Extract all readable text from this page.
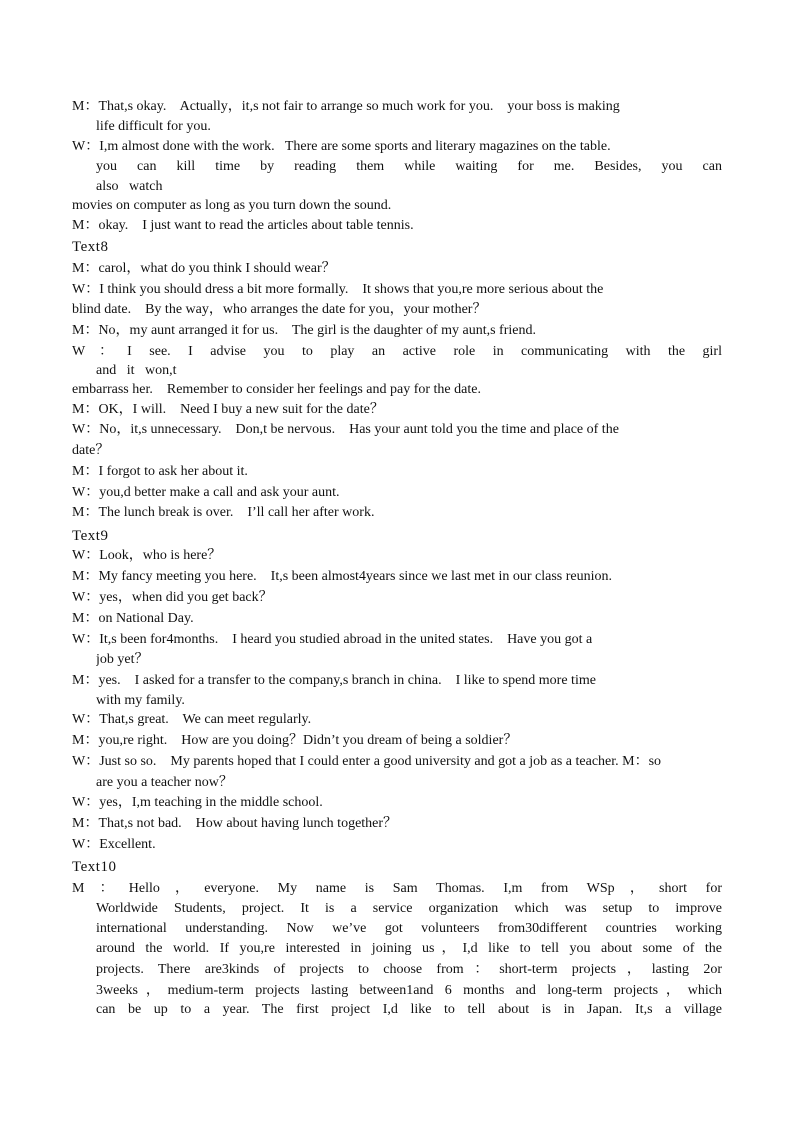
M：That,s okay.    Actually，it,s not fair to arrange so much work for you.    your boss is making
life difficult for you.
W：I,m almost done with the work.   There are some sports and literary magazines on the table.
you can kill time by reading them while waiting for me. Besides, you can
also   watch
movies on computer as long as you turn down the sound.
M：okay.    I just want to read the articles about table tennis.
Text8
M：carol，what do you think I should wear？
W：I think you should dress a bit more formally.    It shows that you,re more serious about the
blind date.    By the way，who arranges the date for you，your mother？
M：No，my aunt arranged it for us.    The girl is the daughter of my aunt,s friend.
W：I see. I advise you to play an active role in communicating with the girl
and   it   won,t
embarrass her.    Remember to consider her feelings and pay for the date.
M：OK，I will.    Need I buy a new suit for the date？
W：No，it,s unnecessary.    Don,t be nervous.    Has your aunt told you the time and place of the
date？
M：I forgot to ask her about it.
W：you,d better make a call and ask your aunt.
M：The lunch break is over.    I’ll call her after work.
Text9
W：Look，who is here？
M：My fancy meeting you here.    It,s been almost4years since we last met in our class reunion.
W：yes，when did you get back？
M：on National Day.
W：It,s been for4months.    I heard you studied abroad in the united states.    Have you got a
job yet？
M：yes.    I asked for a transfer to the company,s branch in china.    I like to spend more time
with my family.
W：That,s great.    We can meet regularly.
M：you,re right.    How are you doing？Didn’t you dream of being a soldier？
W：Just so so.    My parents hoped that I could enter a good university and got a job as a teacher. M：so
are you a teacher now？
W：yes，I,m teaching in the middle school.
M：That,s not bad.    How about having lunch together？
W：Excellent.
Text10
M：Hello，everyone. My name is Sam Thomas. I,m from WSp，short for
Worldwide Students, project. It is a service organization which was setup to improve
international understanding. Now we’ve got volunteers from30different countries working
around the world. If you,re interested in joining us，I,d like to tell you about some of the
projects. There are3kinds of projects to choose from：short-term projects，lasting 2or
3weeks，medium-term projects lasting between1and 6 months and long-term projects，which
can be up to a year. The first project I,d like to tell about is in Japan. It,s a village
